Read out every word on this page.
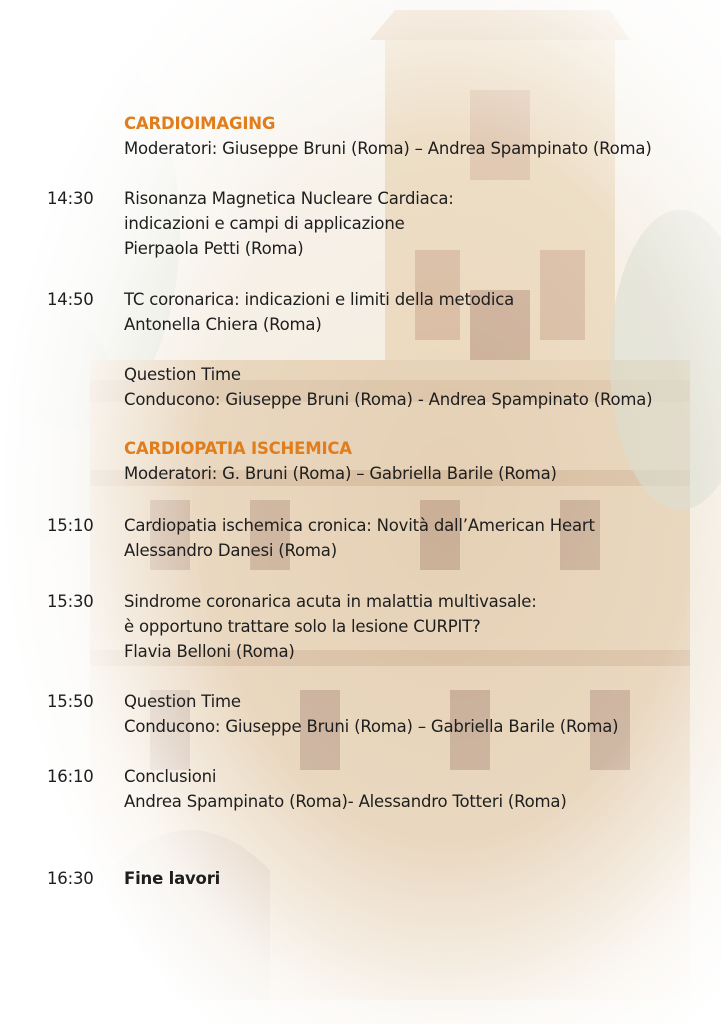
CARDIOIMAGING
Moderatori: Giuseppe Bruni (Roma) – Andrea Spampinato (Roma)
14:30 Risonanza Magnetica Nucleare Cardiaca:
indicazioni e campi di applicazione
Pierpaola Petti (Roma)
14:50 TC coronarica: indicazioni e limiti della metodica
Antonella Chiera (Roma)
Question Time
Conducono: Giuseppe Bruni (Roma) - Andrea Spampinato (Roma)
CARDIOPATIA ISCHEMICA
Moderatori: G. Bruni (Roma) – Gabriella Barile (Roma)
15:10 Cardiopatia ischemica cronica: Novità dall’American Heart
Alessandro Danesi (Roma)
15:30 Sindrome coronarica acuta in malattia multivasale:
è opportuno trattare solo la lesione CURPIT?
Flavia Belloni (Roma)
15:50 Question Time
Conducono: Giuseppe Bruni (Roma) – Gabriella Barile (Roma)
16:10 Conclusioni
Andrea Spampinato (Roma)- Alessandro Totteri (Roma)
16:30 Fine lavori
